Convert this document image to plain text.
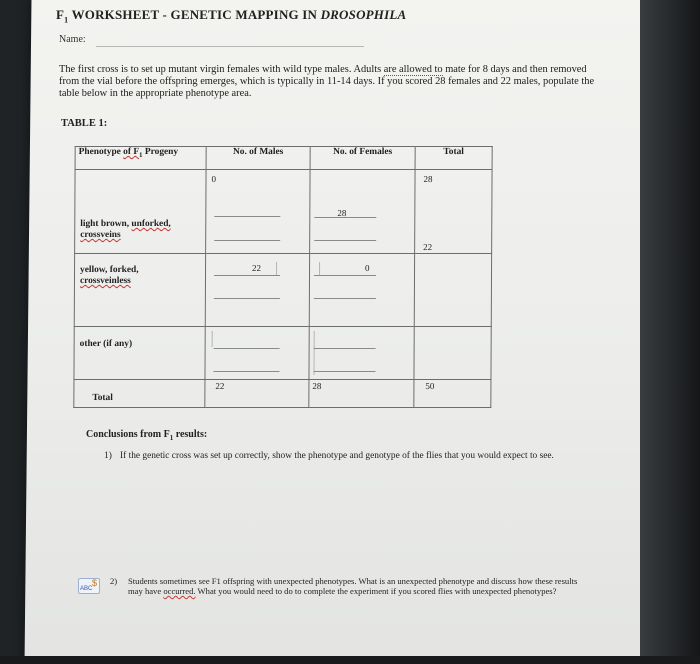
$F_1$ WORKSHEET - GENETIC MAPPING IN DROSOPHILA
Name:
The first cross is to set up mutant virgin females with wild type males. Adults are allowed to mate for 8 days and then removed from the vial before the offspring emerges, which is typically in 11-14 days. If you scored 28 females and 22 males, populate the table below in the appropriate phenotype area.
TABLE 1:
Phenotype of $F_1$ Progeny	No. of Males	No. of Females	Total

light brown, unforked,
crossveins	0	28	28

yellow, forked,
crossveinless	22	0	22

other (if any)			

Total	22	28	50
Conclusions from $F_1$ results:
1) If the genetic cross was set up correctly, show the phenotype and genotype of the flies that you would expect to see.
ABC
$ 2) Students sometimes see F1 offspring with unexpected phenotypes. What is an unexpected phenotype and discuss how these results may have occurred. What you would need to do to complete the experiment if you scored flies with unexpected phenotypes?
